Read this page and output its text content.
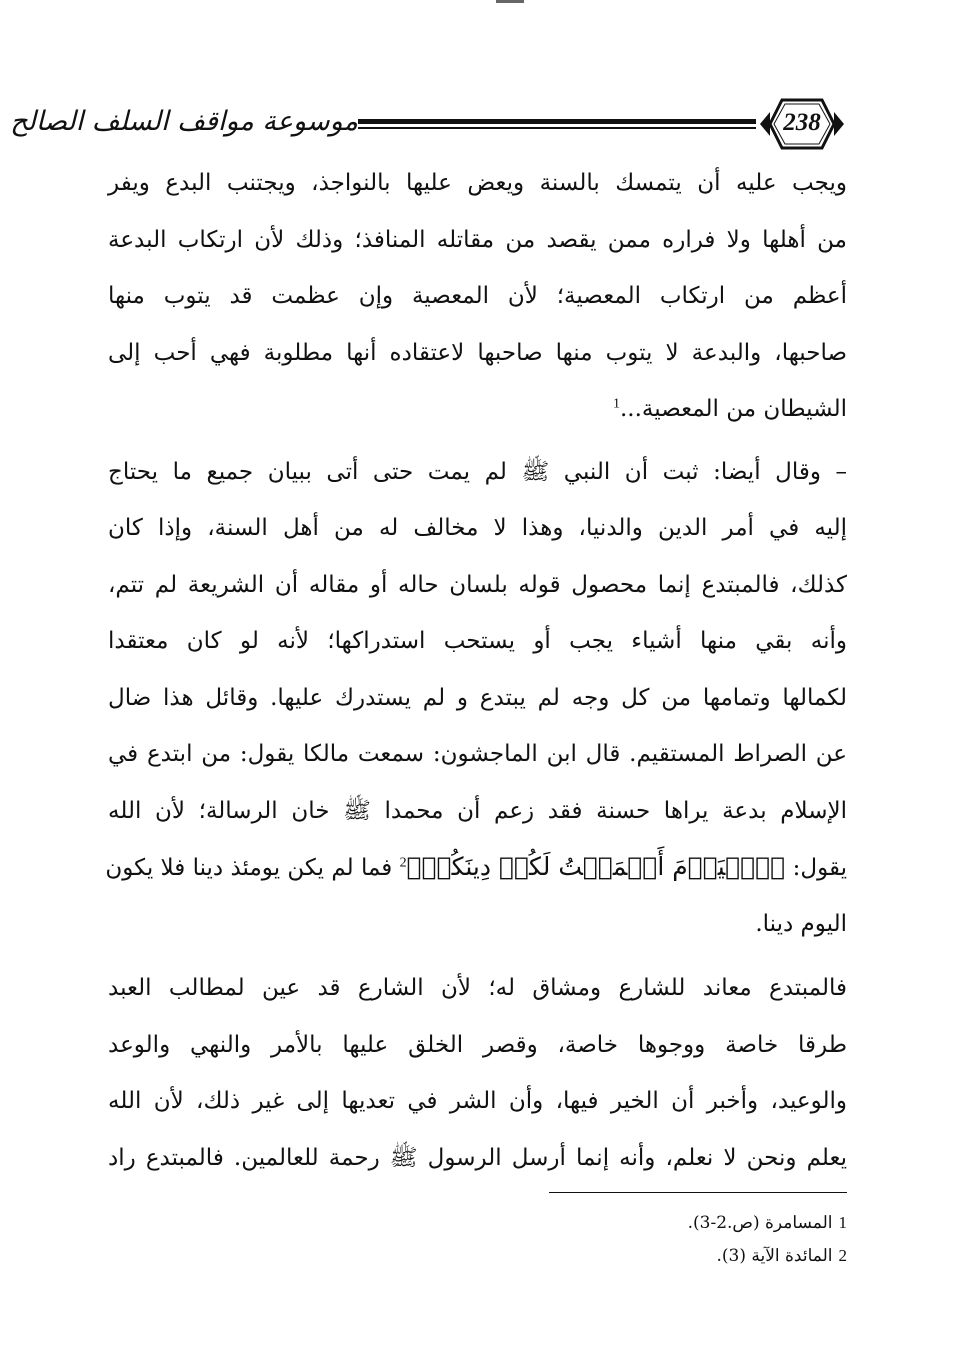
موسوعة مواقف السلف الصالح	238
ويجب عليه أن يتمسك بالسنة ويعض عليها بالنواجذ، ويجتنب البدع ويفر
من أهلها ولا فراره ممن يقصد من مقاتله المنافذ؛ وذلك لأن ارتكاب البدعة
أعظم من ارتكاب المعصية؛ لأن المعصية وإن عظمت قد يتوب منها
صاحبها، والبدعة لا يتوب منها صاحبها لاعتقاده أنها مطلوبة فهي أحب إلى
الشيطان من المعصية...$^1$
– وقال أيضا: ثبت أن النبي ﷺ لم يمت حتى أتى ببيان جميع ما يحتاج
إليه في أمر الدين والدنيا، وهذا لا مخالف له من أهل السنة، وإذا كان
كذلك، فالمبتدع إنما محصول قوله بلسان حاله أو مقاله أن الشريعة لم تتم،
وأنه بقي منها أشياء يجب أو يستحب استدراكها؛ لأنه لو كان معتقدا
لكمالها وتمامها من كل وجه لم يبتدع و لم يستدرك عليها. وقائل هذا ضال
عن الصراط المستقيم. قال ابن الماجشون: سمعت مالكا يقول: من ابتدع في
الإسلام بدعة يراها حسنة فقد زعم أن محمدا ﷺ خان الرسالة؛ لأن الله
يقول: ﴿ٱلۡيَوۡمَ أَكۡمَلۡتُ لَكُمۡ دِينَكُمۡ﴾$^2$ فما لم يكن يومئذ دينا فلا يكون
اليوم دينا.
فالمبتدع معاند للشارع ومشاق له؛ لأن الشارع قد عين لمطالب العبد
طرقا خاصة ووجوها خاصة، وقصر الخلق عليها بالأمر والنهي والوعد
والوعيد، وأخبر أن الخير فيها، وأن الشر في تعديها إلى غير ذلك، لأن الله
يعلم ونحن لا نعلم، وأنه إنما أرسل الرسول ﷺ رحمة للعالمين. فالمبتدع راد
1المسامرة (ص.2-3).
2المائدة الآية (3).
